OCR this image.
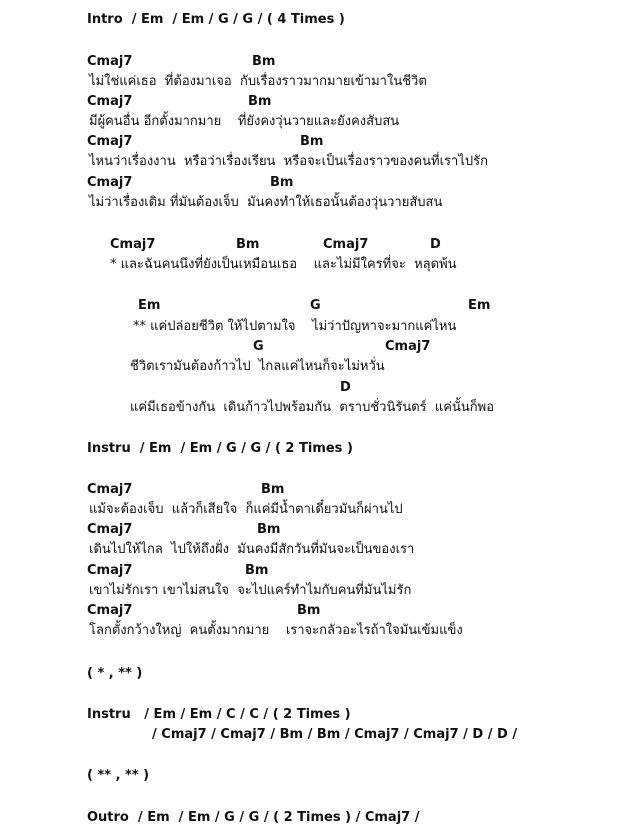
Intro  / Em  / Em / G / G / ( 4 Times )
Cmaj7	Bm
ไม่ใช่แค่เธอ  ที่ต้องมาเจอ  กับเรื่องราวมากมายเข้ามาในชีวิต
Cmaj7	Bm
มีผู้คนอื่น อีกตั้งมากมาย    ที่ยังคงวุ่นวายและยังคงสับสน
Cmaj7	Bm
ไหนว่าเรื่องงาน  หรือว่าเรื่องเรียน  หรือจะเป็นเรื่องราวของคนที่เราไปรัก
Cmaj7	Bm
ไม่ว่าเรื่องเดิม ที่มันต้องเจ็บ  มันคงทำให้เธอนั้นต้องวุ่นวายสับสน
Cmaj7	Bm	Cmaj7	D
* และฉันคนนึงที่ยังเป็นเหมือนเธอ    และไม่มีใครที่จะ  หลุดพ้น
Em	G	Em
** แค่ปล่อยชีวิต ให้ไปตามใจ    ไม่ว่าปัญหาจะมากแค่ไหน
G	Cmaj7
ชีวิตเรามันต้องก้าวไป  ไกลแค่ไหนก็จะไม่หวั่น
D
แค่มีเธอข้างกัน  เดินก้าวไปพร้อมกัน  ตราบชั่วนิรันดร์  แค่นั้นก็พอ
Instru  / Em  / Em / G / G / ( 2 Times )
Cmaj7	Bm
แม้จะต้องเจ็บ  แล้วก็เสียใจ  ก็แค่มีน้ำตาเดี๋ยวมันก็ผ่านไป
Cmaj7	Bm
เดินไปให้ไกล  ไปให้ถึงฝั่ง  มันคงมีสักวันที่มันจะเป็นของเรา
Cmaj7	Bm
เขาไม่รักเรา เขาไม่สนใจ  จะไปแคร์ทำไมกับคนที่มันไม่รัก
Cmaj7	Bm
โลกตั้งกว้างใหญ่  คนตั้งมากมาย    เราจะกลัวอะไรถ้าใจมันเข้มแข็ง
( * , ** )
Instru   / Em / Em / C / C / ( 2 Times )
/ Cmaj7 / Cmaj7 / Bm / Bm / Cmaj7 / Cmaj7 / D / D /
( ** , ** )
Outro  / Em  / Em / G / G / ( 2 Times ) / Cmaj7 /
